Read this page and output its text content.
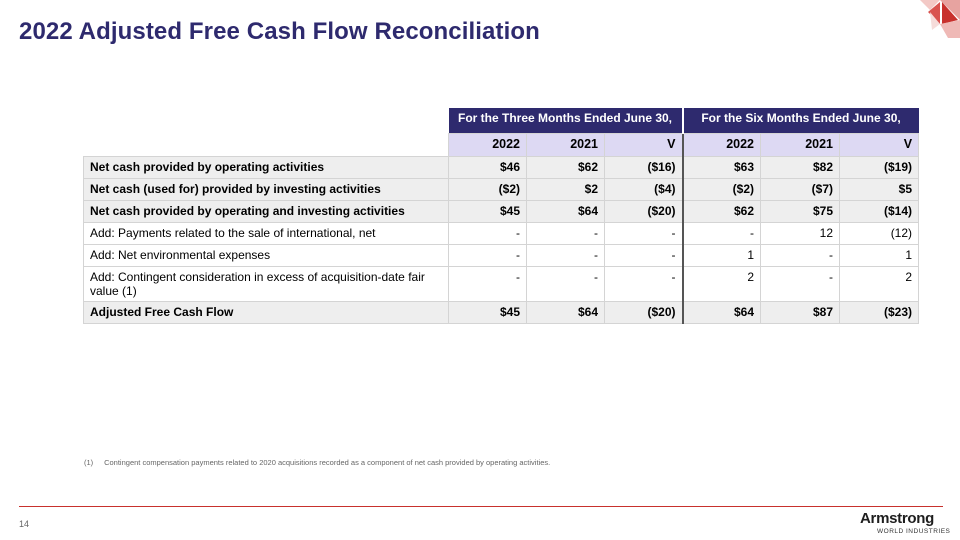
2022 Adjusted Free Cash Flow Reconciliation
	For the Three Months Ended June 30,			For the Six Months Ended June 30,		
	2022	2021	V	2022	2021	V
Net cash provided by operating activities	$46	$62	($16)	$63	$82	($19)
Net cash (used for) provided by investing activities	($2)	$2	($4)	($2)	($7)	$5
Net cash provided by operating and investing activities	$45	$64	($20)	$62	$75	($14)
Add: Payments related to the sale of international, net	-	-	-	-	12	(12)
Add: Net environmental expenses	-	-	-	1	-	1
Add: Contingent consideration in excess of acquisition-date fair value (1)	-	-	-	2	-	2
Adjusted Free Cash Flow	$45	$64	($20)	$64	$87	($23)
(1) Contingent compensation payments related to 2020 acquisitions recorded as a component of net cash provided by operating activities.
14	Armstrong
WORLD INDUSTRIES
